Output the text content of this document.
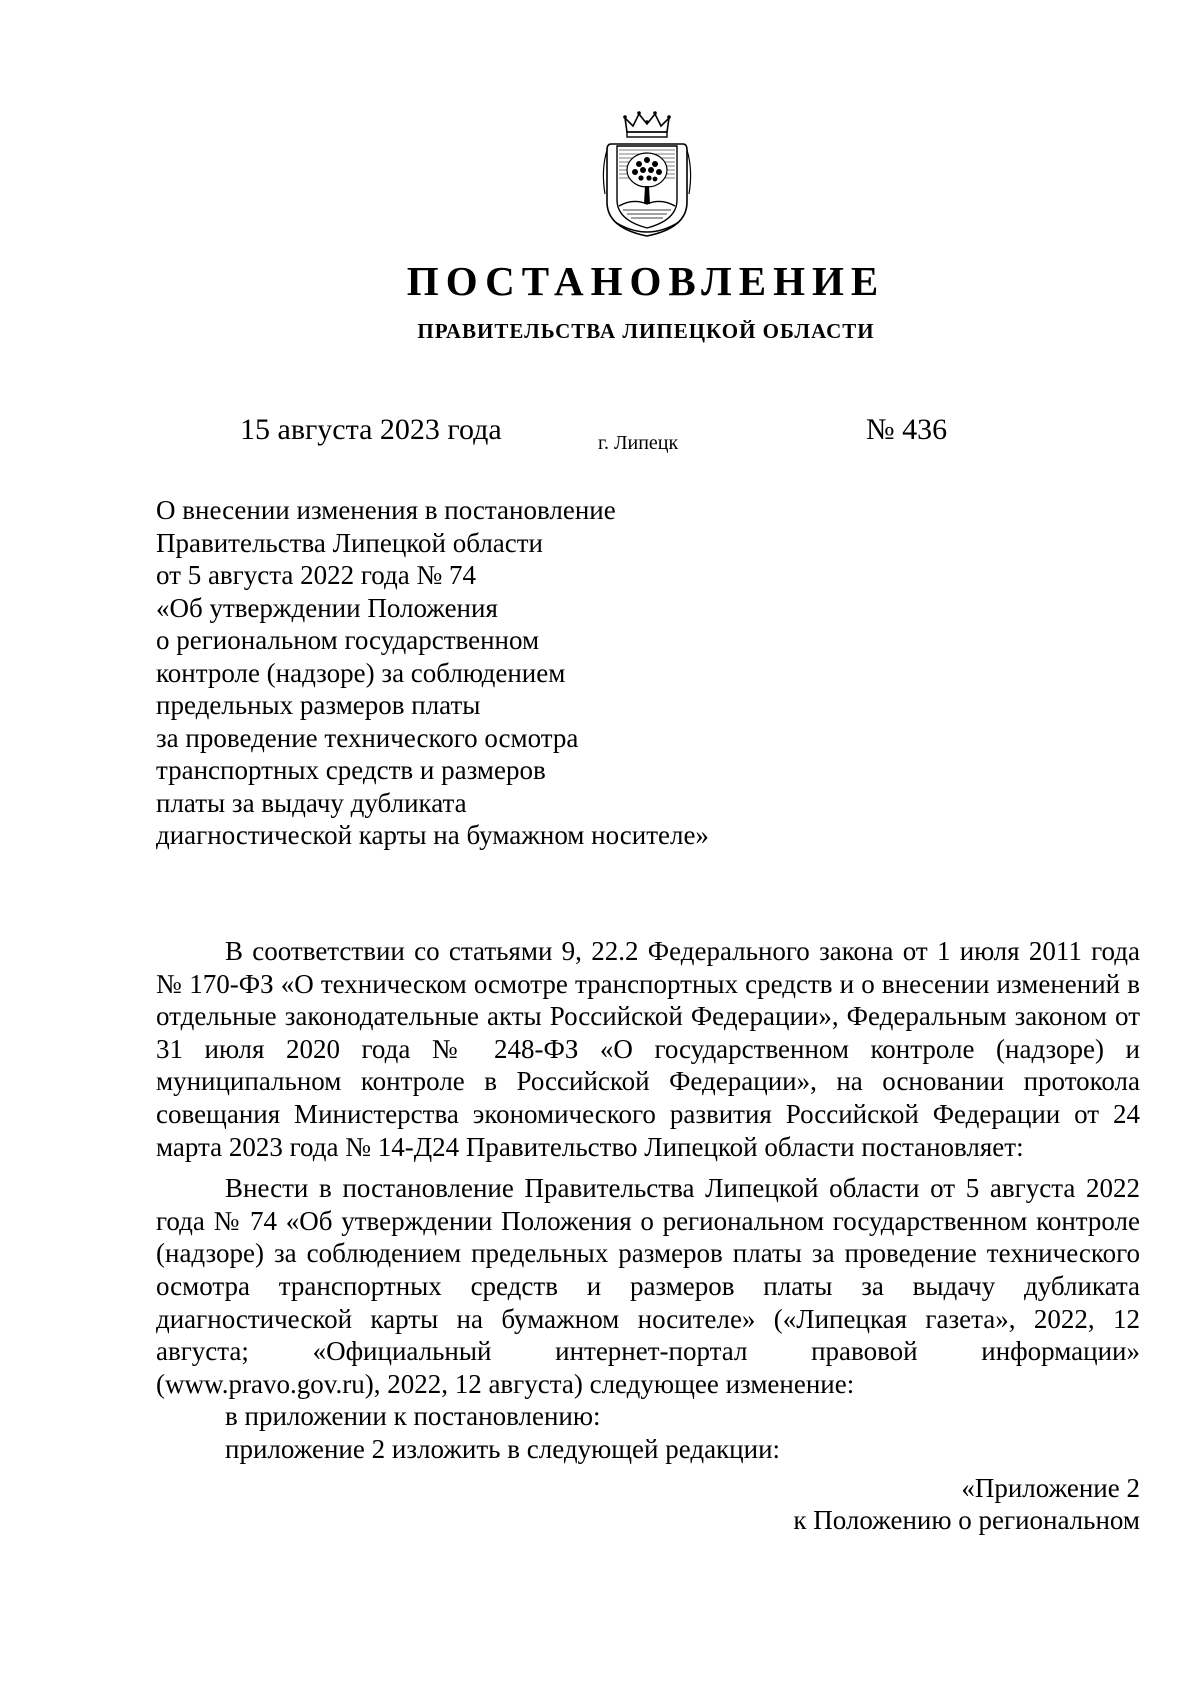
ПОСТАНОВЛЕНИЕ
ПРАВИТЕЛЬСТВА ЛИПЕЦКОЙ ОБЛАСТИ
15 августа 2023 года	г. Липецк	№ 436
О внесении изменения в постановление
Правительства Липецкой области
от 5 августа 2022 года № 74
«Об утверждении Положения
о региональном государственном
контроле (надзоре) за соблюдением
предельных размеров платы
за проведение технического осмотра
транспортных средств и размеров
платы за выдачу дубликата
диагностической карты на бумажном носителе»

В соответствии со статьями 9, 22.2 Федерального закона от 1 июля 2011 года № 170-ФЗ «О техническом осмотре транспортных средств и о внесении изменений в отдельные законодательные акты Российской Федерации», Федеральным законом от 31 июля 2020 года № 248-ФЗ «О государственном контроле (надзоре) и муниципальном контроле в Российской Федерации», на основании протокола совещания Министерства экономического развития Российской Федерации от 24 марта 2023 года № 14-Д24 Правительство Липецкой области постановляет:

Внести в постановление Правительства Липецкой области от 5 августа 2022 года № 74 «Об утверждении Положения о региональном государственном контроле (надзоре) за соблюдением предельных размеров платы за проведение технического осмотра транспортных средств и размеров платы за выдачу дубликата диагностической карты на бумажном носителе» («Липецкая газета», 2022, 12 августа; «Официальный интернет-портал правовой информации» (www.pravo.gov.ru), 2022, 12 августа) следующее изменение:

в приложении к постановлению:

приложение 2 изложить в следующей редакции:

«Приложение 2

к Положению о региональном
